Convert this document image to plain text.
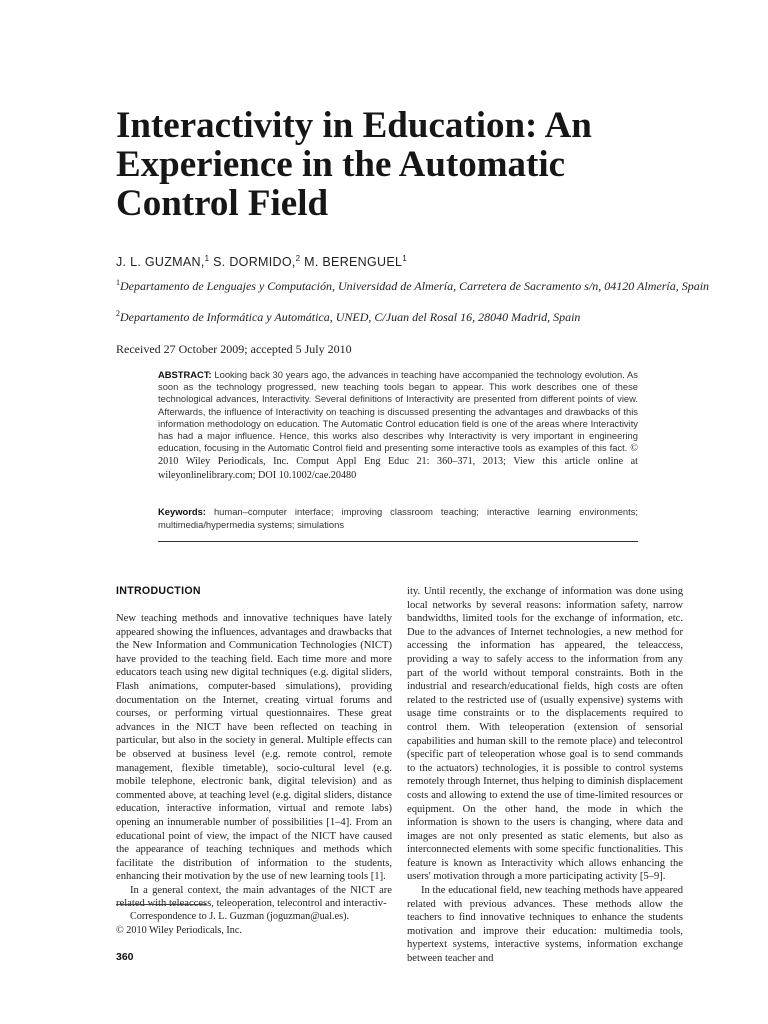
Interactivity in Education: An
Experience in the Automatic
Control Field
J. L. GUZMAN,$^1$ S. DORMIDO,$^2$ M. BERENGUEL$^1$
$^1$Departamento de Lenguajes y Computación, Universidad de Almería, Carretera de Sacramento s/n, 04120 Almería, Spain
$^2$Departamento de Informática y Automática, UNED, C/Juan del Rosal 16, 28040 Madrid, Spain
Received 27 October 2009; accepted 5 July 2010
ABSTRACT: Looking back 30 years ago, the advances in teaching have accompanied the technology evolution. As soon as the technology progressed, new teaching tools began to appear. This work describes one of these technological advances, Interactivity. Several definitions of Interactivity are presented from different points of view. Afterwards, the influence of Interactivity on teaching is discussed presenting the advantages and drawbacks of this information methodology on education. The Automatic Control education field is one of the areas where Interactivity has had a major influence. Hence, this works also describes why Interactivity is very important in engineering education, focusing in the Automatic Control field and presenting some interactive tools as examples of this fact. © 2010 Wiley Periodicals, Inc. Comput Appl Eng Educ 21: 360–371, 2013; View this article online at wileyonlinelibrary.com; DOI 10.1002/cae.20480
Keywords: human–computer interface; improving classroom teaching; interactive learning environments; multimedia/hypermedia systems; simulations
INTRODUCTION

New teaching methods and innovative techniques have lately appeared showing the influences, advantages and drawbacks that the New Information and Communication Technologies (NICT) have provided to the teaching field. Each time more and more educators teach using new digital techniques (e.g. digital sliders, Flash animations, computer-based simulations), providing documentation on the Internet, creating virtual forums and courses, or performing virtual questionnaires. These great advances in the NICT have been reflected on teaching in particular, but also in the society in general. Multiple effects can be observed at business level (e.g. remote control, remote management, flexible timetable), socio-cultural level (e.g. mobile telephone, electronic bank, digital television) and as commented above, at teaching level (e.g. digital sliders, distance education, interactive information, virtual and remote labs) opening an innumerable number of possibilities [1–4]. From an educational point of view, the impact of the NICT have caused the appearance of teaching techniques and methods which facilitate the distribution of information to the students, enhancing their motivation by the use of new learning tools [1].

In a general context, the main advantages of the NICT are related with teleaccess, teleoperation, telecontrol and interactiv-

ity. Until recently, the exchange of information was done using local networks by several reasons: information safety, narrow bandwidths, limited tools for the exchange of information, etc. Due to the advances of Internet technologies, a new method for accessing the information has appeared, the teleaccess, providing a way to safely access to the information from any part of the world without temporal constraints. Both in the industrial and research/educational fields, high costs are often related to the restricted use of (usually expensive) systems with usage time constraints or to the displacements required to control them. With teleoperation (extension of sensorial capabilities and human skill to the remote place) and telecontrol (specific part of teleoperation whose goal is to send commands to the actuators) technologies, it is possible to control systems remotely through Internet, thus helping to diminish displacement costs and allowing to extend the use of time-limited resources or equipment. On the other hand, the mode in which the information is shown to the users is changing, where data and images are not only presented as static elements, but also as interconnected elements with some specific functionalities. This feature is known as Interactivity which allows enhancing the users' motivation through a more participating activity [5–9].

In the educational field, new teaching methods have appeared related with previous advances. These methods allow the teachers to find innovative techniques to enhance the students motivation and improve their education: multimedia tools, hypertext systems, interactive systems, information exchange between teacher and

Correspondence to J. L. Guzman (joguzman@ual.es).

© 2010 Wiley Periodicals, Inc.

360
